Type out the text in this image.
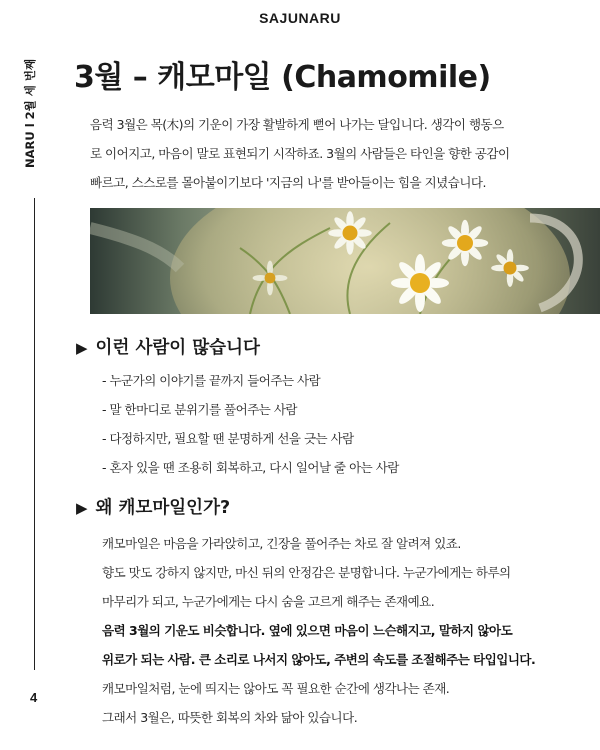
SAJUNARU
NARU l 2월 세 번째
4
3월 – 캐모마일 (Chamomile)
음력 3월은 목(木)의 기운이 가장 활발하게 뻗어 나가는 달입니다. 생각이 행동으
로 이어지고, 마음이 말로 표현되기 시작하죠. 3월의 사람들은 타인을 향한 공감이
빠르고, 스스로를 몰아붙이기보다 '지금의 나'를 받아들이는 힘을 지녔습니다.
▶ 이런 사람이 많습니다
- 누군가의 이야기를 끝까지 들어주는 사람
- 말 한마디로 분위기를 풀어주는 사람
- 다정하지만, 필요할 땐 분명하게 선을 긋는 사람
- 혼자 있을 땐 조용히 회복하고, 다시 일어날 줄 아는 사람
▶ 왜 캐모마일인가?

캐모마일은 마음을 가라앉히고, 긴장을 풀어주는 차로 잘 알려져 있죠.

향도 맛도 강하지 않지만, 마신 뒤의 안정감은 분명합니다. 누군가에게는 하루의

마무리가 되고, 누군가에게는 다시 숨을 고르게 해주는 존재예요.

음력 3월의 기운도 비슷합니다. 옆에 있으면 마음이 느슨해지고, 말하지 않아도

위로가 되는 사람. 큰 소리로 나서지 않아도, 주변의 속도를 조절해주는 타입입니다.

캐모마일처럼, 눈에 띄지는 않아도 꼭 필요한 순간에 생각나는 존재.

그래서 3월은, 따뜻한 회복의 차와 닮아 있습니다.
